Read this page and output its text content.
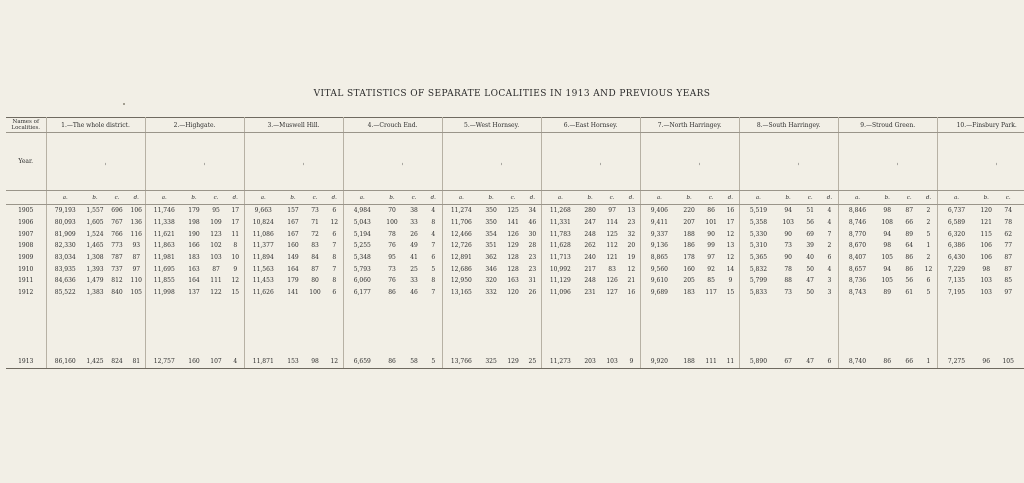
VITAL STATISTICS OF SEPARATE LOCALITIES IN 1913 AND PREVIOUS YEARS
Names of Localities.	1.—The whole district.				2.—Highgate.				3.—Muswell Hill.				4.—Crouch End.				5.—West Hornsey.				6.—East Hornsey.				7.—North Harringey.				8.—South Harringey.				9.—Stroud Green.				10.—Finsbury Park.			
Year.																																								
	a.	b.	c.	d.	a.	b.	c.	d.	a.	b.	c.	d.	a.	b.	c.	d.	a.	b.	c.	d.	a.	b.	c.	d.	a.	b.	c.	d.	a.	b.	c.	d.	a.	b.	c.	d.	a.	b.	c.	
1905	79,193	1,557	696	106	11,746	179	95	17	9,663	157	73	6	4,984	70	38	4	11,274	350	125	34	11,268	280	97	13	9,406	220	86	16	5,519	94	51	4	8,846	98	87	2	6,737	120	74	
1906	80,093	1,605	767	136	11,338	198	109	17	10,824	167	71	12	5,043	100	33	8	11,706	350	141	46	11,331	247	114	23	9,411	207	101	17	5,358	103	56	4	8,746	108	66	2	6,589	121	78	
1907	81,909	1,524	766	116	11,621	190	123	11	11,086	167	72	6	5,194	78	26	4	12,466	354	126	30	11,783	248	125	32	9,337	188	90	12	5,330	90	69	7	8,770	94	89	5	6,320	115	62	
1908	82,330	1,465	773	93	11,863	166	102	8	11,377	160	83	7	5,255	76	49	7	12,726	351	129	28	11,628	262	112	20	9,136	186	99	13	5,310	73	39	2	8,670	98	64	1	6,386	106	77	
1909	83,034	1,308	787	87	11,981	183	103	10	11,894	149	84	8	5,348	95	41	6	12,891	362	128	23	11,713	240	121	19	8,865	178	97	12	5,365	90	40	6	8,407	105	86	2	6,430	106	87	
1910	83,935	1,393	737	97	11,695	163	87	9	11,563	164	87	7	5,793	73	25	5	12,686	346	128	23	10,992	217	83	12	9,560	160	92	14	5,832	78	50	4	8,657	94	86	12	7,229	98	87	
1911	84,636	1,479	812	110	11,855	164	111	12	11,453	179	80	8	6,060	76	33	8	12,950	320	163	31	11,129	248	126	21	9,610	205	85	9	5,799	88	47	3	8,736	105	56	6	7,135	103	85	
1912	85,522	1,383	840	105	11,998	137	122	15	11,626	141	100	6	6,177	86	46	7	13,165	332	120	26	11,096	231	127	16	9,689	183	117	15	5,833	73	50	3	8,743	89	61	5	7,195	103	97	

1913	86,160	1,425	824	81	12,757	160	107	4	11,871	153	98	12	6,659	86	58	5	13,766	325	129	25	11,273	203	103	9	9,920	188	111	11	5,890	67	47	6	8,740	86	66	1	7,275	96	105	
